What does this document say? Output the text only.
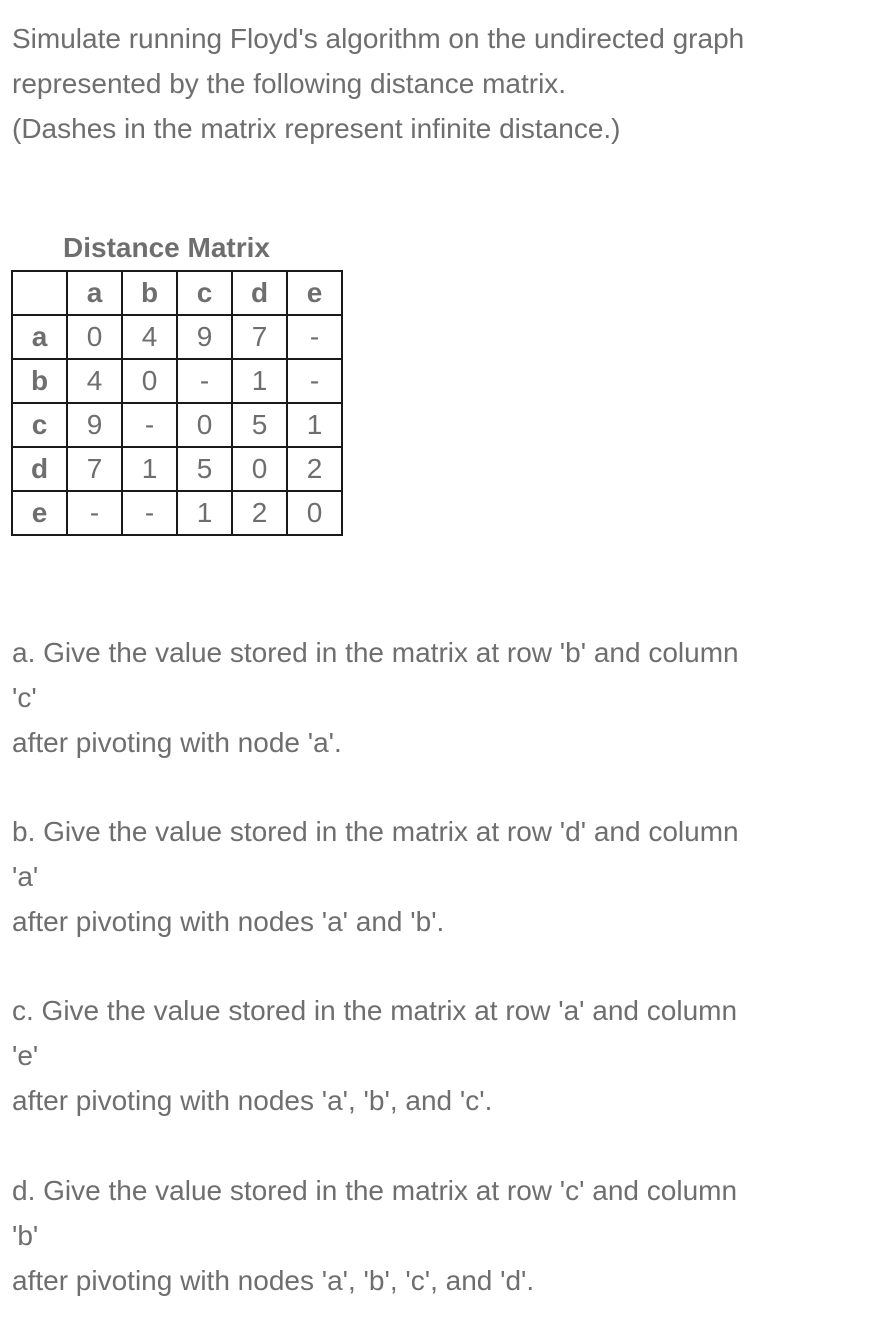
Simulate running Floyd's algorithm on the undirected graph
represented by the following distance matrix.
(Dashes in the matrix represent infinite distance.)
Distance Matrix
	a	b	c	d	e
a	0	4	9	7	-
b	4	0	-	1	-
c	9	-	0	5	1
d	7	1	5	0	2
e	-	-	1	2	0
a. Give the value stored in the matrix at row 'b' and column
'c'
after pivoting with node 'a'.
b. Give the value stored in the matrix at row 'd' and column
'a'
after pivoting with nodes 'a' and 'b'.
c. Give the value stored in the matrix at row 'a' and column
'e'
after pivoting with nodes 'a', 'b', and 'c'.
d. Give the value stored in the matrix at row 'c' and column
'b'
after pivoting with nodes 'a', 'b', 'c', and 'd'.
